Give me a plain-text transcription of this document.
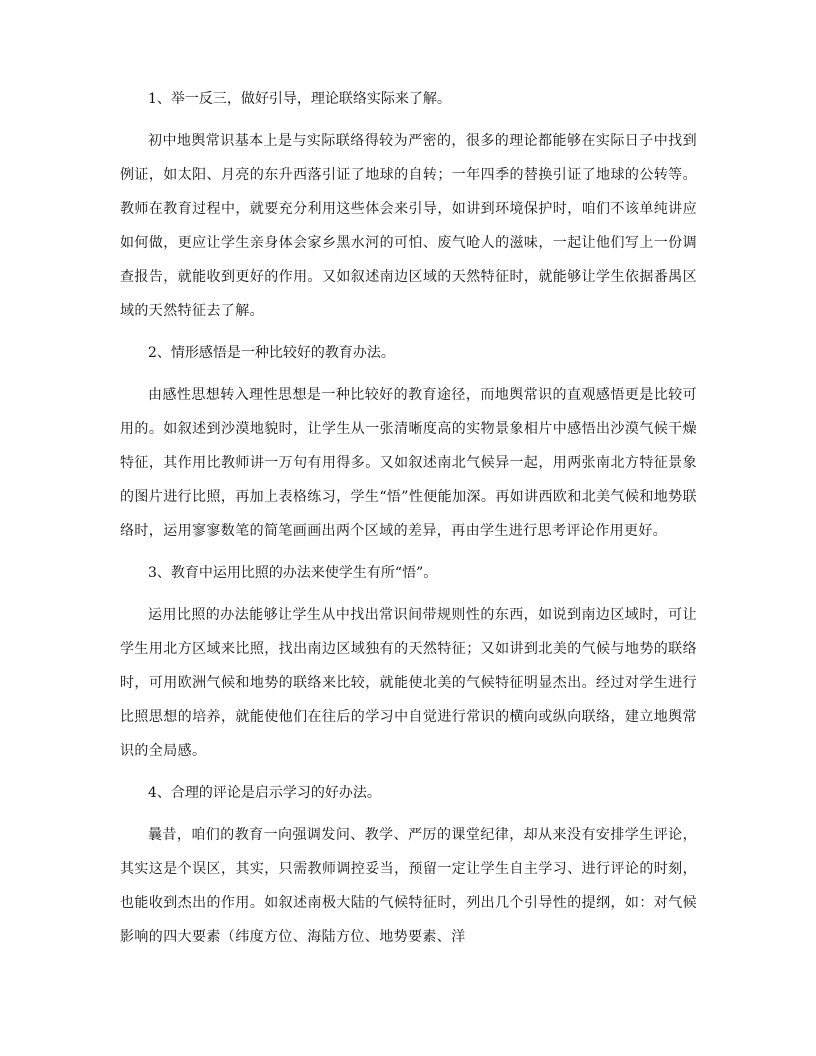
1、举一反三，做好引导，理论联络实际来了解。

初中地舆常识基本上是与实际联络得较为严密的，很多的理论都能够在实际日子中找到例证，如太阳、月亮的东升西落引证了地球的自转；一年四季的替换引证了地球的公转等。教师在教育过程中，就要充分利用这些体会来引导，如讲到环境保护时，咱们不该单纯讲应如何做，更应让学生亲身体会家乡黑水河的可怕、废气呛人的滋味，一起让他们写上一份调查报告，就能收到更好的作用。又如叙述南边区域的天然特征时，就能够让学生依据番禺区域的天然特征去了解。

2、情形感悟是一种比较好的教育办法。

由感性思想转入理性思想是一种比较好的教育途径，而地舆常识的直观感悟更是比较可用的。如叙述到沙漠地貌时，让学生从一张清晰度高的实物景象相片中感悟出沙漠气候干燥特征，其作用比教师讲一万句有用得多。又如叙述南北气候异一起，用两张南北方特征景象的图片进行比照，再加上表格练习，学生“悟”性便能加深。再如讲西欧和北美气候和地势联络时，运用寥寥数笔的简笔画画出两个区域的差异，再由学生进行思考评论作用更好。

3、教育中运用比照的办法来使学生有所“悟”。

运用比照的办法能够让学生从中找出常识间带规则性的东西，如说到南边区域时，可让学生用北方区域来比照，找出南边区域独有的天然特征；又如讲到北美的气候与地势的联络时，可用欧洲气候和地势的联络来比较，就能使北美的气候特征明显杰出。经过对学生进行比照思想的培养，就能使他们在往后的学习中自觉进行常识的横向或纵向联络，建立地舆常识的全局感。

4、合理的评论是启示学习的好办法。

曩昔，咱们的教育一向强调发问、教学、严厉的课堂纪律，却从来没有安排学生评论，其实这是个误区，其实，只需教师调控妥当，预留一定让学生自主学习、进行评论的时刻，也能收到杰出的作用。如叙述南极大陆的气候特征时，列出几个引导性的提纲，如：对气候影响的四大要素（纬度方位、海陆方位、地势要素、洋
